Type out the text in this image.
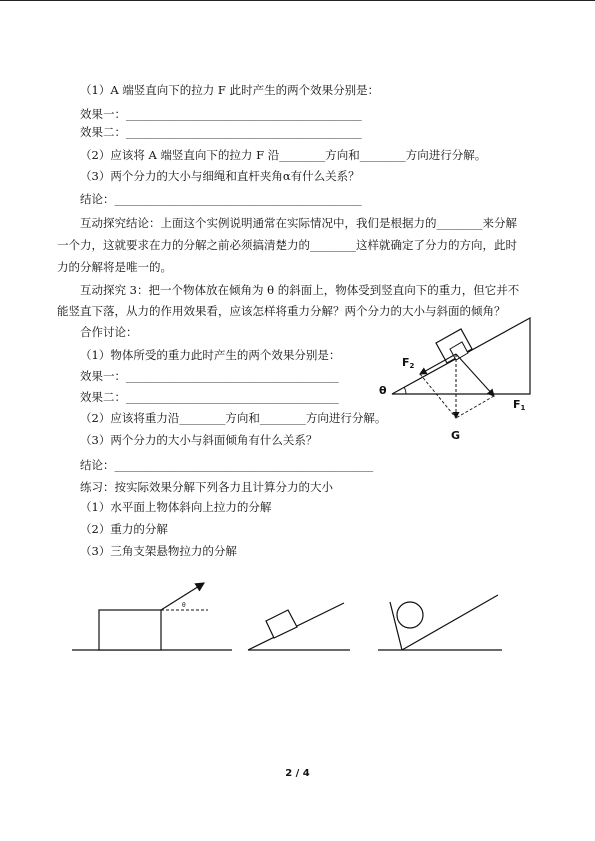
（1）A 端竖直向下的拉力 F 此时产生的两个效果分别是：
效果一：_________________________________________
效果二：_________________________________________
（2）应该将 A 端竖直向下的拉力 F 沿________方向和________方向进行分解。
（3）两个分力的大小与细绳和直杆夹角α有什么关系？
结论：___________________________________________
互动探究结论：上面这个实例说明通常在实际情况中，我们是根据力的________来分解
一个力，这就要求在力的分解之前必须搞清楚力的________这样就确定了分力的方向，此时
力的分解将是唯一的。
互动探究 3：把一个物体放在倾角为 θ 的斜面上，物体受到竖直向下的重力，但它并不
能竖直下落，从力的作用效果看，应该怎样将重力分解？两个分力的大小与斜面的倾角？
合作讨论：
（1）物体所受的重力此时产生的两个效果分别是：
效果一：_____________________________________
效果二：_____________________________________
（2）应该将重力沿________方向和________方向进行分解。
（3）两个分力的大小与斜面倾角有什么关系？
结论：_____________________________________________
练习：按实际效果分解下列各力且计算分力的大小
（1）水平面上物体斜向上拉力的分解
（2）重力的分解
（3）三角支架悬物拉力的分解
F2
F1
θ
G
θ
2 / 4
